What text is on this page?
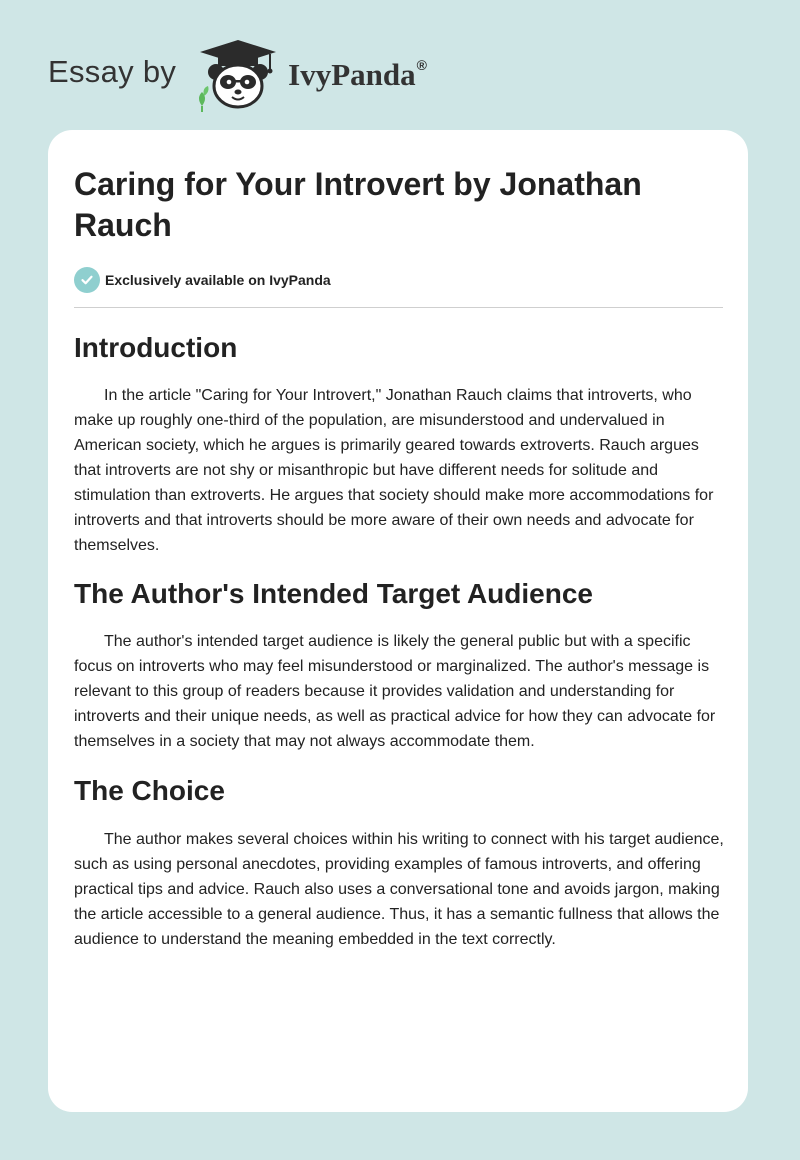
Essay by	IvyPanda®
Caring for Your Introvert by Jonathan Rauch
Exclusively available on IvyPanda
Introduction

In the article "Caring for Your Introvert," Jonathan Rauch claims that introverts, who make up roughly one-third of the population, are misunderstood and undervalued in American society, which he argues is primarily geared towards extroverts. Rauch argues that introverts are not shy or misanthropic but have different needs for solitude and stimulation than extroverts. He argues that society should make more accommodations for introverts and that introverts should be more aware of their own needs and advocate for themselves.

The Author's Intended Target Audience

The author's intended target audience is likely the general public but with a specific focus on introverts who may feel misunderstood or marginalized. The author's message is relevant to this group of readers because it provides validation and understanding for introverts and their unique needs, as well as practical advice for how they can advocate for themselves in a society that may not always accommodate them.

The Choice

The author makes several choices within his writing to connect with his target audience, such as using personal anecdotes, providing examples of famous introverts, and offering practical tips and advice. Rauch also uses a conversational tone and avoids jargon, making the article accessible to a general audience. Thus, it has a semantic fullness that allows the audience to understand the meaning embedded in the text correctly.
